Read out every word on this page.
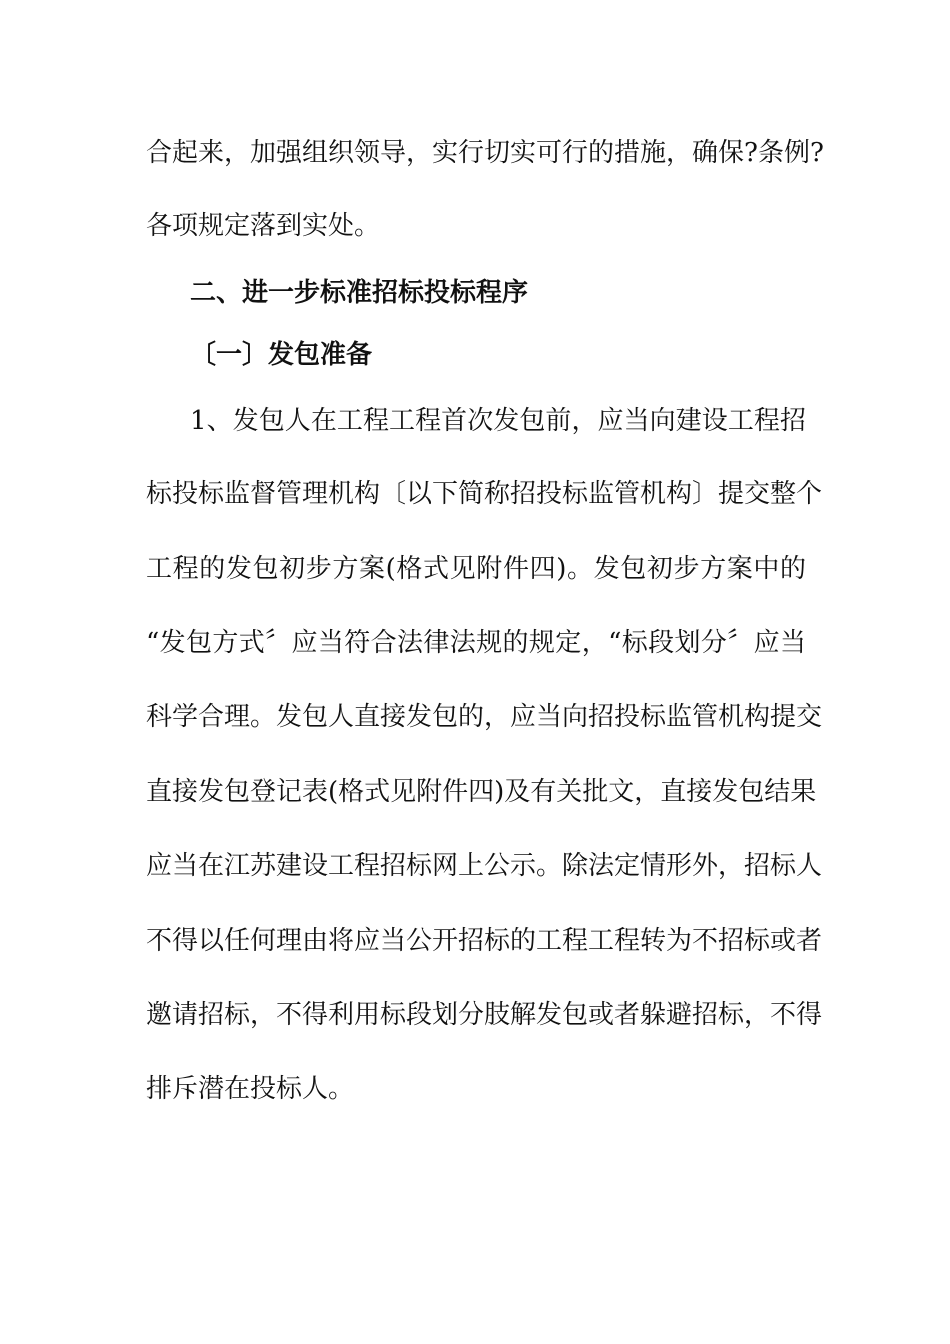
合起来，加强组织领导，实行切实可行的措施，确保?条例?
各项规定落到实处。
二、进一步标准招标投标程序
〔一〕发包准备
1、发包人在工程工程首次发包前，应当向建设工程招
标投标监督管理机构〔以下简称招投标监管机构〕提交整个
工程的发包初步方案(格式见附件四)。发包初步方案中的
“发包方式〞应当符合法律法规的规定，“标段划分〞应当
科学合理。发包人直接发包的，应当向招投标监管机构提交
直接发包登记表(格式见附件四)及有关批文，直接发包结果
应当在江苏建设工程招标网上公示。除法定情形外，招标人
不得以任何理由将应当公开招标的工程工程转为不招标或者
邀请招标，不得利用标段划分肢解发包或者躲避招标，不得
排斥潜在投标人。
